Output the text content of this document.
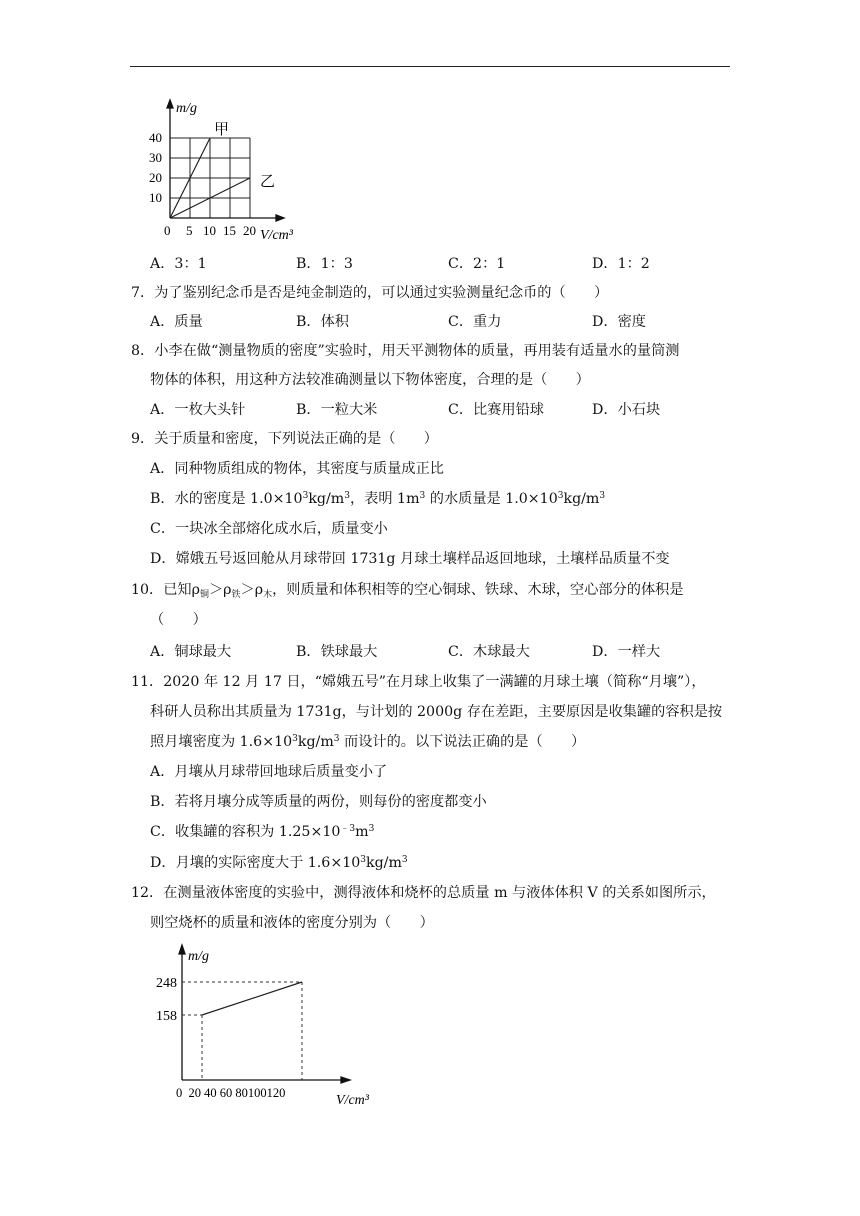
m/g
甲
乙
40
30
20
10
0 5 10 15 20 V/cm³
A．3：1	B．1：3	C．2：1	D．1：2
7．为了鉴别纪念币是否是纯金制造的，可以通过实验测量纪念币的（　　）
A．质量	B．体积	C．重力	D．密度
8．小李在做“测量物质的密度”实验时，用天平测物体的质量，再用装有适量水的量筒测
物体的体积，用这种方法较准确测量以下物体密度，合理的是（　　）
A．一枚大头针	B．一粒大米	C．比赛用铅球	D．小石块
9．关于质量和密度，下列说法正确的是（　　）
A．同种物质组成的物体，其密度与质量成正比
B．水的密度是 $1.0\times 10^3kg/m^3$，表明 $1m^3$ 的水质量是 $1.0\times 10^3kg/m^3$
C．一块冰全部熔化成水后，质量变小
D．嫦娥五号返回舱从月球带回 1731g 月球土壤样品返回地球，土壤样品质量不变
10．已知$\rho_铜>\rho_铁>\rho_木$，则质量和体积相等的空心铜球、铁球、木球，空心部分的体积是
（　　）
A．铜球最大	B．铁球最大	C．木球最大	D．一样大
11．2020 年 12 月 17 日，“嫦娥五号”在月球上收集了一满罐的月球土壤（简称“月壤”），
科研人员称出其质量为 1731g，与计划的 2000g 存在差距，主要原因是收集罐的容积是按
照月壤密度为 $1.6\times 10^3kg/m^3$ 而设计的。以下说法正确的是（　　）
A．月壤从月球带回地球后质量变小了
B．若将月壤分成等质量的两份，则每份的密度都变小
C．收集罐的容积为 $1.25\times 10^{﹣3}m^3$
D．月壤的实际密度大于 $1.6\times 10^3kg/m^3$
12．在测量液体密度的实验中，测得液体和烧杯的总质量 m 与液体体积 V 的关系如图所示，
则空烧杯的质量和液体的密度分别为（　　）
m/g
248
158
0  20 40 60 80100120	V/cm³
